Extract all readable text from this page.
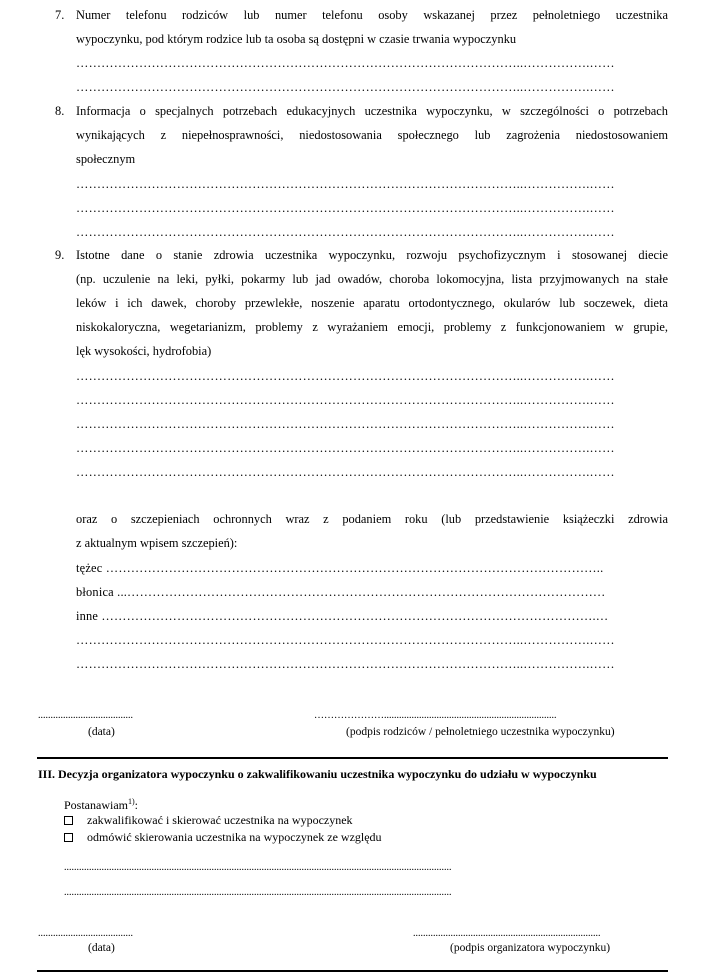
7. Numer telefonu rodziców lub numer telefonu osoby wskazanej przez pełnoletniego uczestnika
wypoczynku, pod którym rodzice lub ta osoba są dostępni w czasie trwania wypoczynku
……………………………………………………………………………………………..…………….……
……………………………………………………………………………………………..…………….……
8. Informacja o specjalnych potrzebach edukacyjnych uczestnika wypoczynku, w szczególności o potrzebach
wynikających z niepełnosprawności, niedostosowania społecznego lub zagrożenia niedostosowaniem
społecznym
……………………………………………………………………………………………..…………….……
……………………………………………………………………………………………..…………….……
……………………………………………………………………………………………..…………….……
9. Istotne dane o stanie zdrowia uczestnika wypoczynku, rozwoju psychofizycznym i stosowanej diecie
(np. uczulenie na leki, pyłki, pokarmy lub jad owadów, choroba lokomocyjna, lista przyjmowanych na stałe
leków i ich dawek, choroby przewlekłe, noszenie aparatu ortodontycznego, okularów lub soczewek, dieta
niskokaloryczna, wegetarianizm, problemy z wyrażaniem emocji, problemy z funkcjonowaniem w grupie,
lęk wysokości, hydrofobia)
……………………………………………………………………………………………..…………….……
……………………………………………………………………………………………..…………….……
……………………………………………………………………………………………..…………….……
……………………………………………………………………………………………..…………….……
……………………………………………………………………………………………..…………….……
oraz o szczepieniach ochronnych wraz z podaniem roku (lub przedstawienie książeczki zdrowia
z aktualnym wpisem szczepień):
tężec ………………………………………………………………………………………………………..
błonica ...……………………………………………………………………………………………………
inne ……………………………………………………………………………………………………….…
……………………………………………………………………………………………..…………….……
……………………………………………………………………………………………..…………….……
......................................	………………….....................................................................
(data)	(podpis rodziców / pełnoletniego uczestnika wypoczynku)
III. Decyzja organizatora wypoczynku o zakwalifikowaniu uczestnika wypoczynku do udziału w wypoczynku
Postanawiam$^{1)}$:
zakwalifikować i skierować uczestnika na wypoczynek
odmówić skierowania uczestnika na wypoczynek ze względu
...........................................................................................................................................................
...........................................................................................................................................................
......................................	...........................................................................
(data)	(podpis organizatora wypoczynku)
